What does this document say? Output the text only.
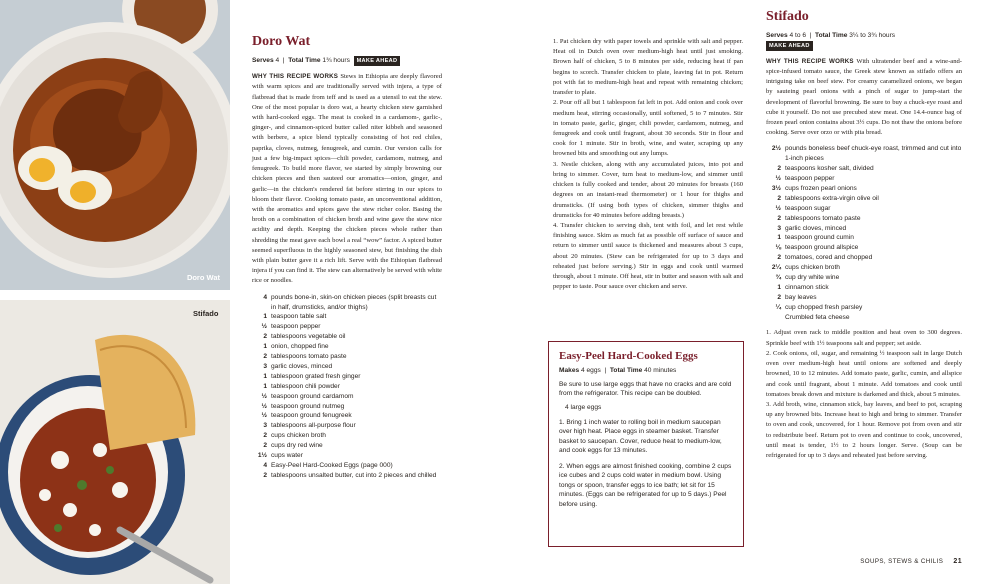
Doro Wat
Stifado
Doro Wat
Serves 4  |  Total Time 1¾ hours MAKE AHEAD

WHY THIS RECIPE WORKS Stews in Ethiopia are deeply flavored with warm spices and are traditionally served with injera, a type of flatbread that is made from teff and is used as a utensil to eat the stew. One of the most popular is doro wat, a hearty chicken stew garnished with hard-cooked eggs. The meat is cooked in a cardamom-, garlic-, ginger-, and cinnamon-spiced butter called niter kibbeh and seasoned with berbere, a spice blend typically consisting of hot red chiles, paprika, cloves, nutmeg, fenugreek, and cumin. Our version calls for just a few big-impact spices—chili powder, cardamom, nutmeg, and fenugreek. To build more flavor, we started by simply browning our chicken pieces and then sauteed our aromatics—onion, ginger, and garlic—in the chicken's rendered fat before stirring in our spices to bloom their flavor. Cooking tomato paste, an unconventional addition, with the aromatics and spices gave the stew richer color. Basing the broth on a combination of chicken broth and wine gave the stew nice acidity and depth. Keeping the chicken pieces whole rather than shredding the meat gave each bowl a real “wow” factor. A spiced butter seemed superfluous in the highly seasoned stew, but finishing the dish with plain butter gave it a rich lift. Serve with the Ethiopian flatbread injera if you can find it. The stew can alternatively be served with white rice or noodles.

4 pounds bone-in, skin-on chicken pieces (split breasts cut in half, drumsticks, and/or thighs)
1 teaspoon table salt
½ teaspoon pepper
2 tablespoons vegetable oil
1 onion, chopped fine
2 tablespoons tomato paste
3 garlic cloves, minced
1 tablespoon grated fresh ginger
1 tablespoon chili powder
½ teaspoon ground cardamom
½ teaspoon ground nutmeg
½ teaspoon ground fenugreek
3 tablespoons all-purpose flour
2 cups chicken broth
2 cups dry red wine
1½ cups water
4 Easy-Peel Hard-Cooked Eggs (page 000)
2 tablespoons unsalted butter, cut into 2 pieces and chilled

1. Pat chicken dry with paper towels and sprinkle with salt and pepper. Heat oil in Dutch oven over medium-high heat until just smoking. Brown half of chicken, 5 to 8 minutes per side, reducing heat if pan begins to scorch. Transfer chicken to plate, leaving fat in pot. Return pot with fat to medium-high heat and repeat with remaining chicken; transfer to plate.

2. Pour off all but 1 tablespoon fat left in pot. Add onion and cook over medium heat, stirring occasionally, until softened, 5 to 7 minutes. Stir in tomato paste, garlic, ginger, chili powder, cardamom, nutmeg, and fenugreek and cook until fragrant, about 30 seconds. Stir in flour and cook for 1 minute. Stir in broth, wine, and water, scraping up any browned bits and smoothing out any lumps.

3. Nestle chicken, along with any accumulated juices, into pot and bring to simmer. Cover, turn heat to medium-low, and simmer until chicken is fully cooked and tender, about 20 minutes for breasts (160 degrees on an instant-read thermometer) or 1 hour for thighs and drumsticks. (If using both types of chicken, simmer thighs and drumsticks for 40 minutes before adding breasts.)

4. Transfer chicken to serving dish, tent with foil, and let rest while finishing sauce. Skim as much fat as possible off surface of sauce and return to simmer until sauce is thickened and measures about 3 cups, about 20 minutes. (Stew can be refrigerated for up to 3 days and reheated just before serving.) Stir in eggs and cook until warmed through, about 1 minute. Off heat, stir in butter and season with salt and pepper to taste. Pour sauce over chicken and serve.

Easy-Peel Hard-Cooked Eggs
Makes 4 eggs  |  Total Time 40 minutes

Be sure to use large eggs that have no cracks and are cold from the refrigerator. This recipe can be doubled.

4 large eggs

1. Bring 1 inch water to rolling boil in medium saucepan over high heat. Place eggs in steamer basket. Transfer basket to saucepan. Cover, reduce heat to medium-low, and cook eggs for 13 minutes.

2. When eggs are almost finished cooking, combine 2 cups ice cubes and 2 cups cold water in medium bowl. Using tongs or spoon, transfer eggs to ice bath; let sit for 15 minutes. (Eggs can be refrigerated for up to 5 days.) Peel before using.

Stifado
Serves 4 to 6  |  Total Time 3¼ to 3¾ hours
MAKE AHEAD

WHY THIS RECIPE WORKS With ultratender beef and a wine-and-spice-infused tomato sauce, the Greek stew known as stifado offers an intriguing take on beef stew. For creamy caramelized onions, we began by sauteing pearl onions with a pinch of sugar to jump-start the development of flavorful browning. Be sure to buy a chuck-eye roast and cube it yourself. Do not use precubed stew meat. One 14.4-ounce bag of frozen pearl onion contains about 3½ cups. Do not thaw the onions before cooking. Serve over orzo or with pita bread.

2½ pounds boneless beef chuck-eye roast, trimmed and cut into 1-inch pieces
2 teaspoons kosher salt, divided
½ teaspoon pepper
3½ cups frozen pearl onions
2 tablespoons extra-virgin olive oil
½ teaspoon sugar
2 tablespoons tomato paste
3 garlic cloves, minced
1 teaspoon ground cumin
⅛ teaspoon ground allspice
2 tomatoes, cored and chopped
2¼ cups chicken broth
¾ cup dry white wine
1 cinnamon stick
2 bay leaves
¼ cup chopped fresh parsley
Crumbled feta cheese

1. Adjust oven rack to middle position and heat oven to 300 degrees. Sprinkle beef with 1½ teaspoons salt and pepper; set aside.

2. Cook onions, oil, sugar, and remaining ½ teaspoon salt in large Dutch oven over medium-high heat until onions are softened and deeply browned, 10 to 12 minutes. Add tomato paste, garlic, cumin, and allspice and cook until fragrant, about 1 minute. Add tomatoes and cook until tomatoes break down and mixture is darkened and thick, about 5 minutes.

3. Add broth, wine, cinnamon stick, bay leaves, and beef to pot, scraping up any browned bits. Increase heat to high and bring to simmer. Transfer to oven and cook, uncovered, for 1 hour. Remove pot from oven and stir to redistribute beef. Return pot to oven and continue to cook, uncovered, until meat is tender, 1½ to 2 hours longer. Serve. (Soup can be refrigerated for up to 3 days and reheated just before serving.

SOUPS, STEWS & CHILIS 21
